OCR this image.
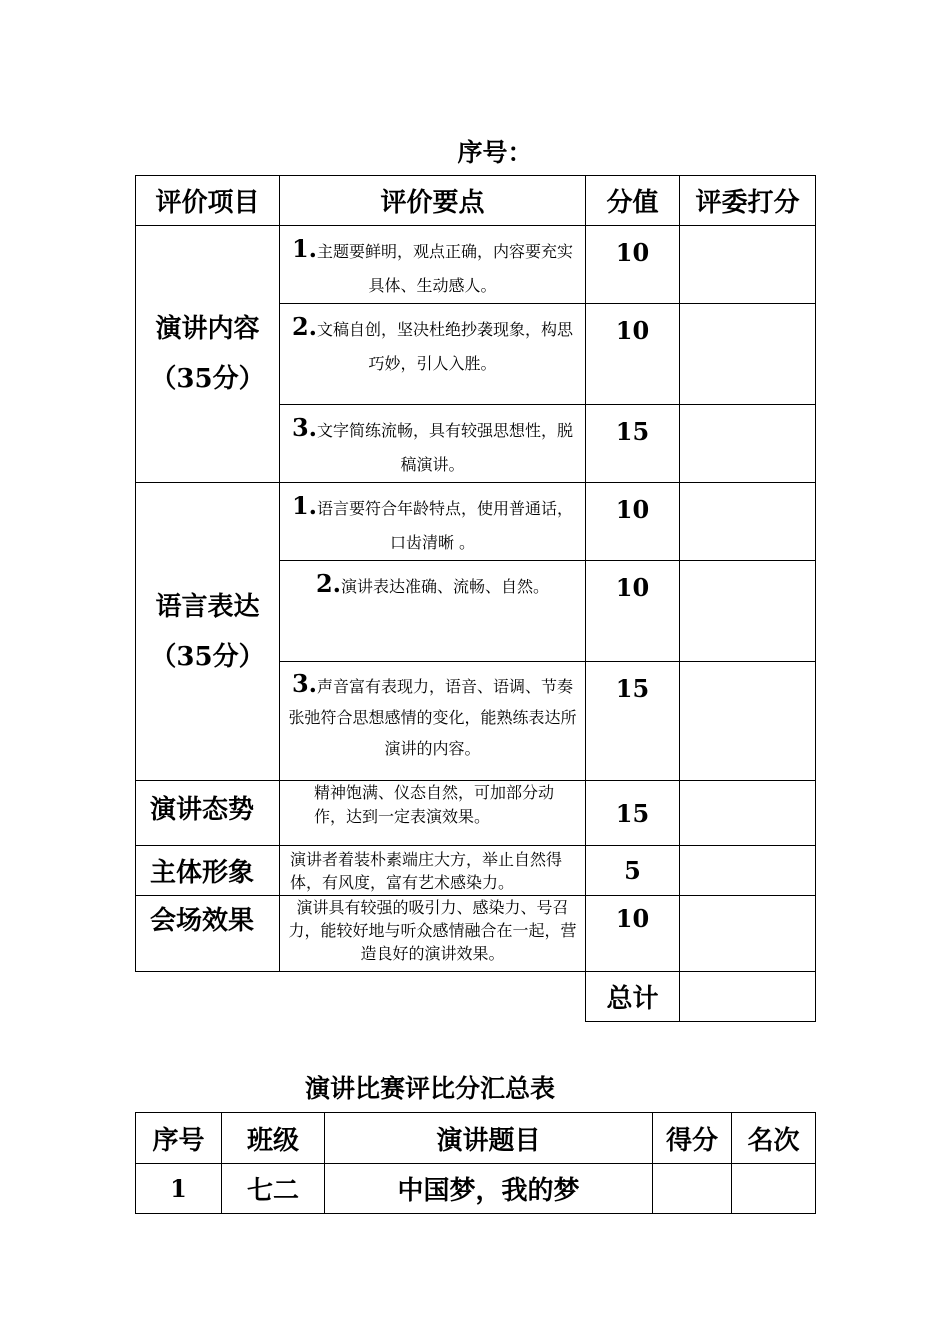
序号：
评价项目	评价要点	分值	评委打分

演讲内容
（35分）	1.主题要鲜明，观点正确，内容要充实具体、生动感人。	10	
	2.文稿自创，坚决杜绝抄袭现象，构思巧妙，引人入胜。	10	
	3.文字简练流畅，具有较强思想性，脱稿演讲。	15	

语言表达
（35分）	1.语言要符合年龄特点，使用普通话，口齿清晰 。	10	
	2.演讲表达准确、流畅、自然。	10	
	3.声音富有表现力，语音、语调、节奏张弛符合思想感情的变化，能熟练表达所演讲的内容。	15	
演讲态势	精神饱满、仪态自然，可加部分动作，达到一定表演效果。	15	
主体形象	演讲者着装朴素端庄大方，举止自然得体，有风度，富有艺术感染力。	5	
会场效果	演讲具有较强的吸引力、感染力、号召力，能较好地与听众感情融合在一起，营造良好的演讲效果。	10	
		总计	
演讲比赛评比分汇总表
序号	班级	演讲题目	得分	名次
1	七二	中国梦，我的梦		
